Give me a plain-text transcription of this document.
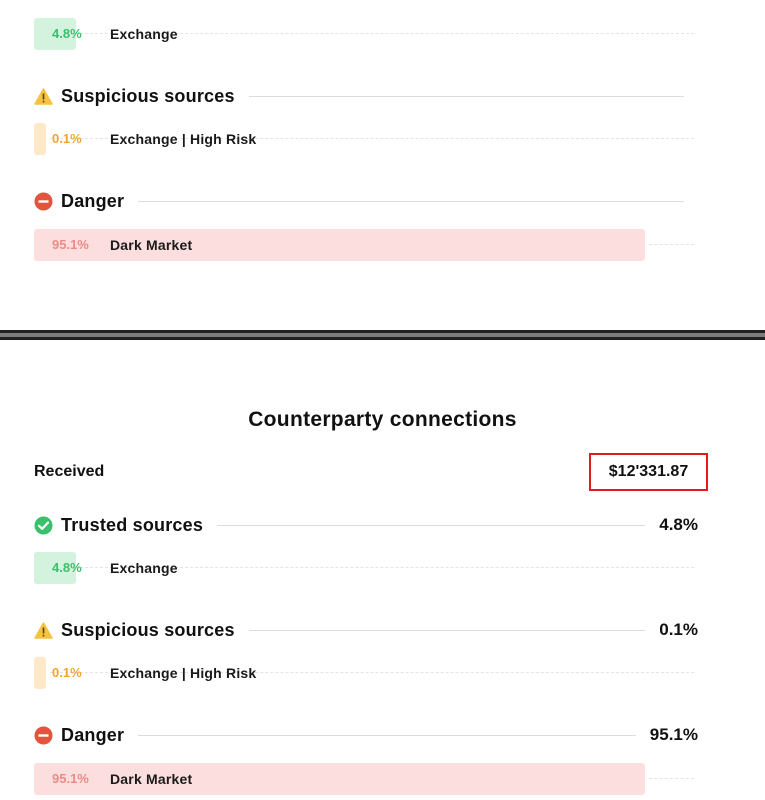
4.8% Exchange
Suspicious sources
0.1% Exchange | High Risk
Danger
95.1% Dark Market
Counterparty connections
Received	$12'331.87
Trusted sources	4.8%
4.8% Exchange
Suspicious sources	0.1%
0.1% Exchange | High Risk
Danger	95.1%
95.1% Dark Market
